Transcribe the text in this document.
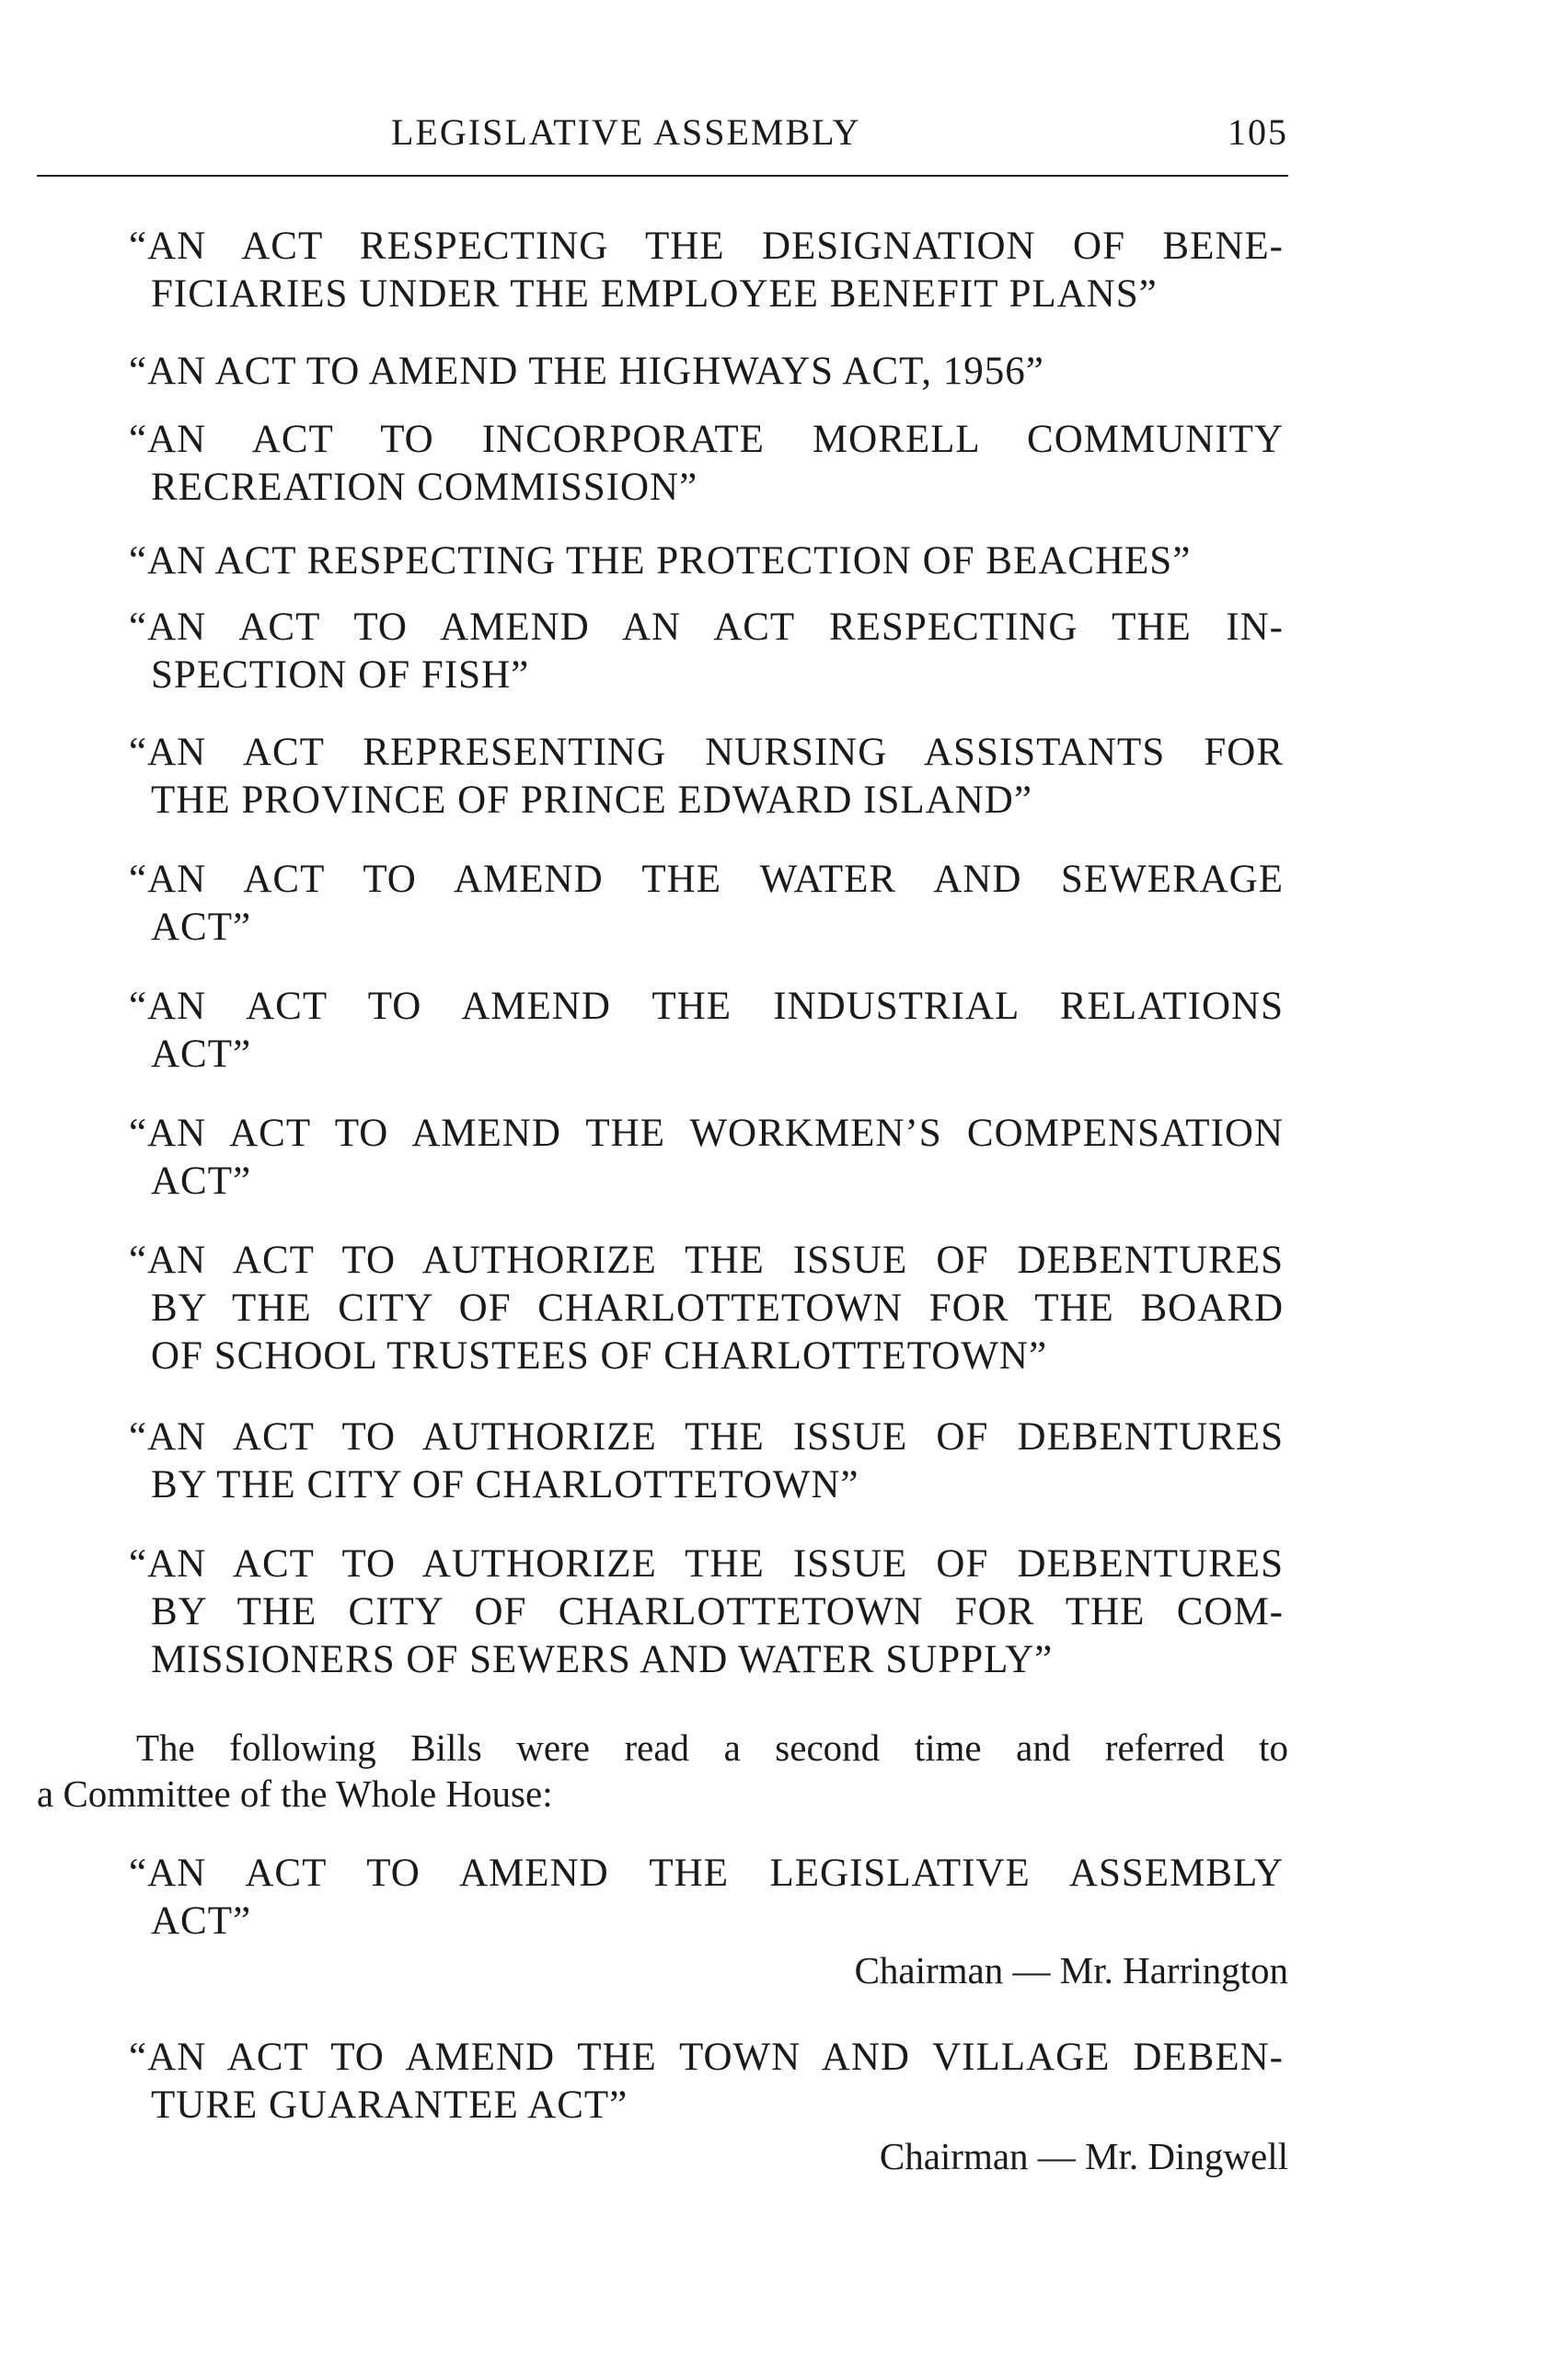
LEGISLATIVE ASSEMBLY	105
“AN ACT RESPECTING THE DESIGNATION OF BENE-
FICIARIES UNDER THE EMPLOYEE BENEFIT PLANS”
“AN ACT TO AMEND THE HIGHWAYS ACT, 1956”
“AN ACT TO INCORPORATE MORELL COMMUNITY
RECREATION COMMISSION”
“AN ACT RESPECTING THE PROTECTION OF BEACHES”
“AN ACT TO AMEND AN ACT RESPECTING THE IN-
SPECTION OF FISH”
“AN ACT REPRESENTING NURSING ASSISTANTS FOR
THE PROVINCE OF PRINCE EDWARD ISLAND”
“AN ACT TO AMEND THE WATER AND SEWERAGE
ACT”
“AN ACT TO AMEND THE INDUSTRIAL RELATIONS
ACT”
“AN ACT TO AMEND THE WORKMEN’S COMPENSATION
ACT”
“AN ACT TO AUTHORIZE THE ISSUE OF DEBENTURES
BY THE CITY OF CHARLOTTETOWN FOR THE BOARD
OF SCHOOL TRUSTEES OF CHARLOTTETOWN”
“AN ACT TO AUTHORIZE THE ISSUE OF DEBENTURES
BY THE CITY OF CHARLOTTETOWN”
“AN ACT TO AUTHORIZE THE ISSUE OF DEBENTURES
BY THE CITY OF CHARLOTTETOWN FOR THE COM-
MISSIONERS OF SEWERS AND WATER SUPPLY”
The following Bills were read a second time and referred to
a Committee of the Whole House:
“AN ACT TO AMEND THE LEGISLATIVE ASSEMBLY
ACT”
Chairman — Mr. Harrington
“AN ACT TO AMEND THE TOWN AND VILLAGE DEBEN-
TURE GUARANTEE ACT”
Chairman — Mr. Dingwell
